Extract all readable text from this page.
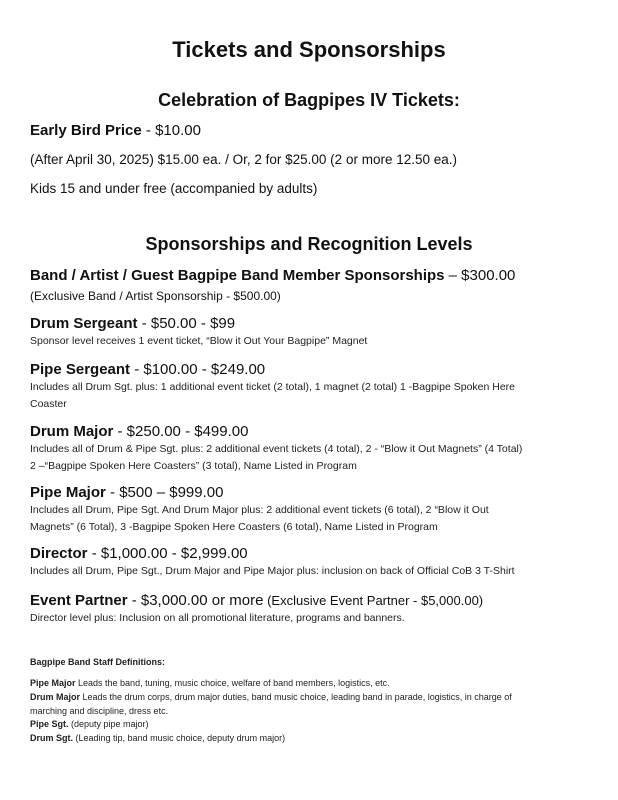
Tickets and Sponsorships
Celebration of Bagpipes IV Tickets:
Early Bird Price - $10.00
(After April 30, 2025) $15.00 ea. / Or, 2 for $25.00 (2 or more 12.50 ea.)
Kids 15 and under free (accompanied by adults)
Sponsorships and Recognition Levels
Bagpipe Band Staff Definitions:
Band / Artist / Guest Bagpipe Band Member Sponsorships – $300.00
(Exclusive Band / Artist Sponsorship - $500.00)
Drum Sergeant - $50.00 - $99
Sponsor level receives 1 event ticket, “Blow it Out Your Bagpipe” Magnet
Pipe Sergeant - $100.00 - $249.00
Includes all Drum Sgt. plus: 1 additional event ticket (2 total), 1 magnet (2 total) 1 -Bagpipe Spoken Here
Coaster
Drum Major - $250.00 - $499.00
Includes all of Drum & Pipe Sgt. plus: 2 additional event tickets (4 total), 2 - “Blow it Out Magnets” (4 Total)
2 –“Bagpipe Spoken Here Coasters” (3 total), Name Listed in Program
Pipe Major - $500 – $999.00
Includes all Drum, Pipe Sgt. And Drum Major plus: 2 additional event tickets (6 total), 2 “Blow it Out
Magnets” (6 Total), 3 -Bagpipe Spoken Here Coasters (6 total), Name Listed in Program
Director - $1,000.00 - $2,999.00
Includes all Drum, Pipe Sgt., Drum Major and Pipe Major plus: inclusion on back of Official CoB 3 T-Shirt
Event Partner - $3,000.00 or more (Exclusive Event Partner - $5,000.00)
Director level plus: Inclusion on all promotional literature, programs and banners.
Pipe Major Leads the band, tuning, music choice, welfare of band members, logistics, etc.
Drum Major Leads the drum corps, drum major duties, band music choice, leading band in parade, logistics, in charge of
marching and discipline, dress etc.
Pipe Sgt. (deputy pipe major)
Drum Sgt. (Leading tip, band music choice, deputy drum major)
